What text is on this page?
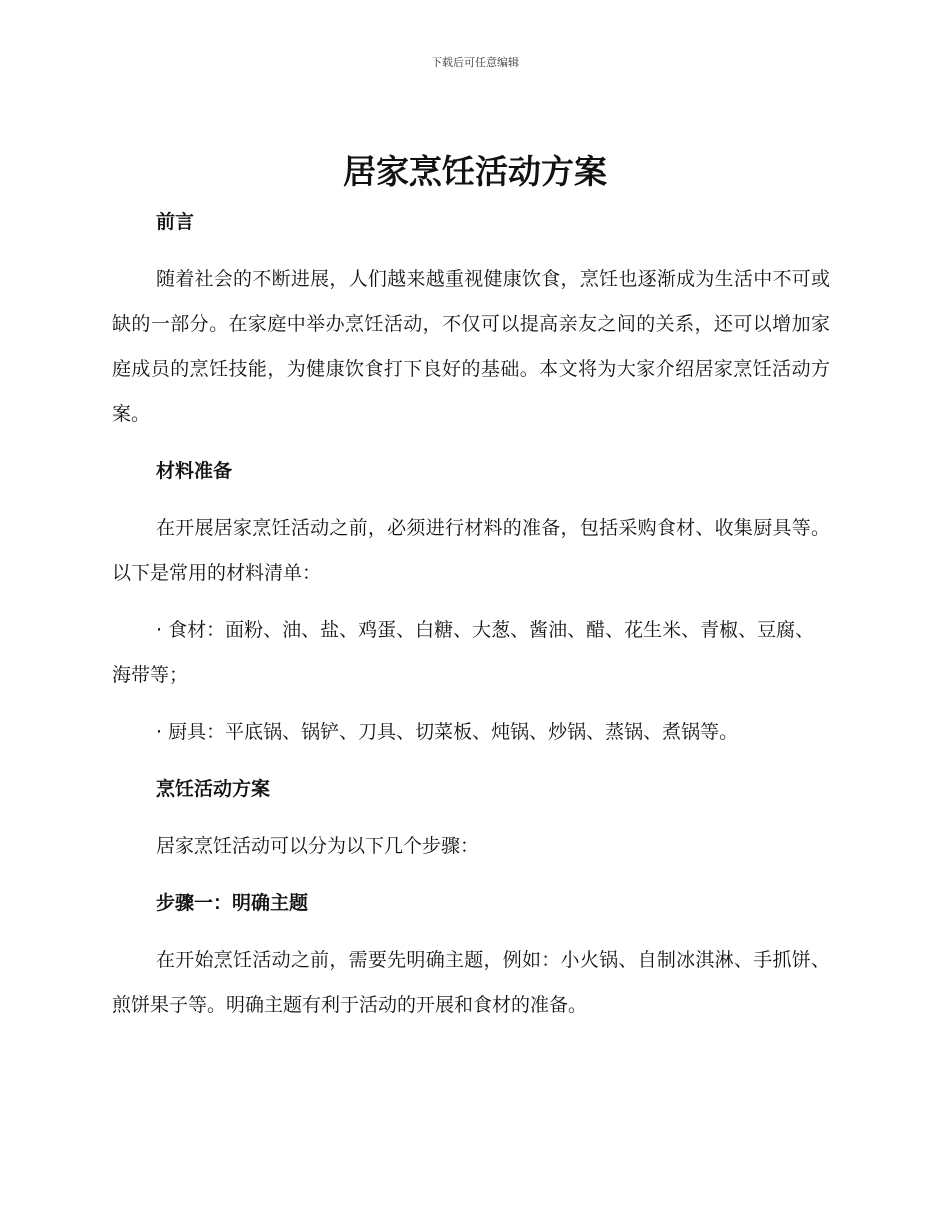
下载后可任意编辑
居家烹饪活动方案

前言

随着社会的不断进展，人们越来越重视健康饮食，烹饪也逐渐成为生活中不可或缺的一部分。在家庭中举办烹饪活动，不仅可以提高亲友之间的关系，还可以增加家庭成员的烹饪技能，为健康饮食打下良好的基础。本文将为大家介绍居家烹饪活动方案。

材料准备

在开展居家烹饪活动之前，必须进行材料的准备，包括采购食材、收集厨具等。以下是常用的材料清单：

· 食材：面粉、油、盐、鸡蛋、白糖、大葱、酱油、醋、花生米、青椒、豆腐、海带等；

· 厨具：平底锅、锅铲、刀具、切菜板、炖锅、炒锅、蒸锅、煮锅等。

烹饪活动方案

居家烹饪活动可以分为以下几个步骤：

步骤一：明确主题

在开始烹饪活动之前，需要先明确主题，例如：小火锅、自制冰淇淋、手抓饼、煎饼果子等。明确主题有利于活动的开展和食材的准备。
